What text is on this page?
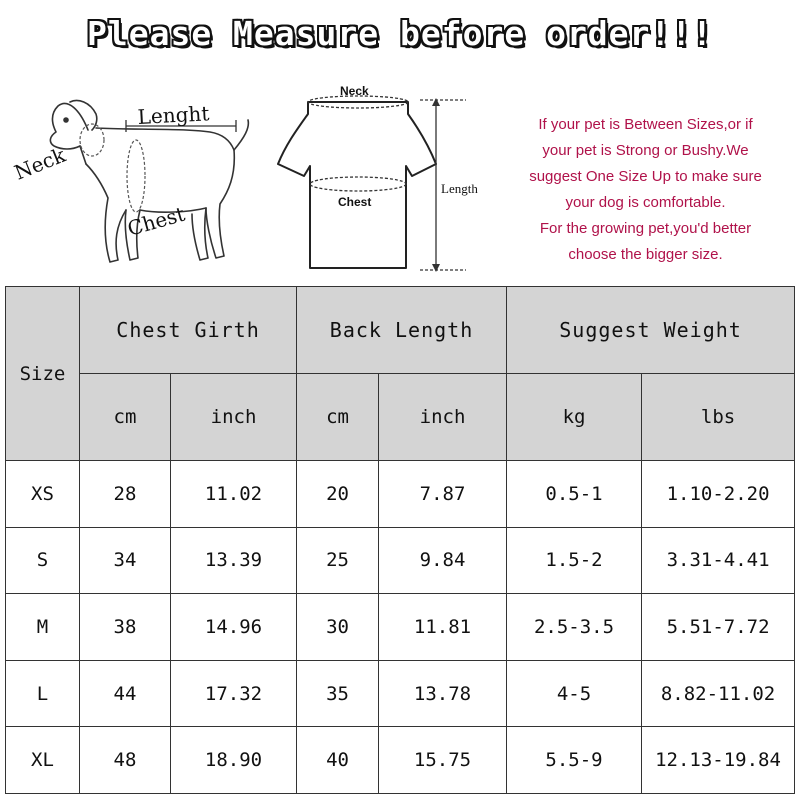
Please Measure before order!!!
Lenght
Neck
Chest
Neck
Chest
Length
If your pet is Between Sizes,or if
your pet is Strong or Bushy.We
suggest One Size Up to make sure
your dog is comfortable.
For the growing pet,you'd better
choose the bigger size.
Size	Chest Girth		Back Length		Suggest Weight	
	cm	inch	cm	inch	kg	lbs
XS	28	11.02	20	7.87	0.5-1	1.10-2.20
S	34	13.39	25	9.84	1.5-2	3.31-4.41
M	38	14.96	30	11.81	2.5-3.5	5.51-7.72
L	44	17.32	35	13.78	4-5	8.82-11.02
XL	48	18.90	40	15.75	5.5-9	12.13-19.84
